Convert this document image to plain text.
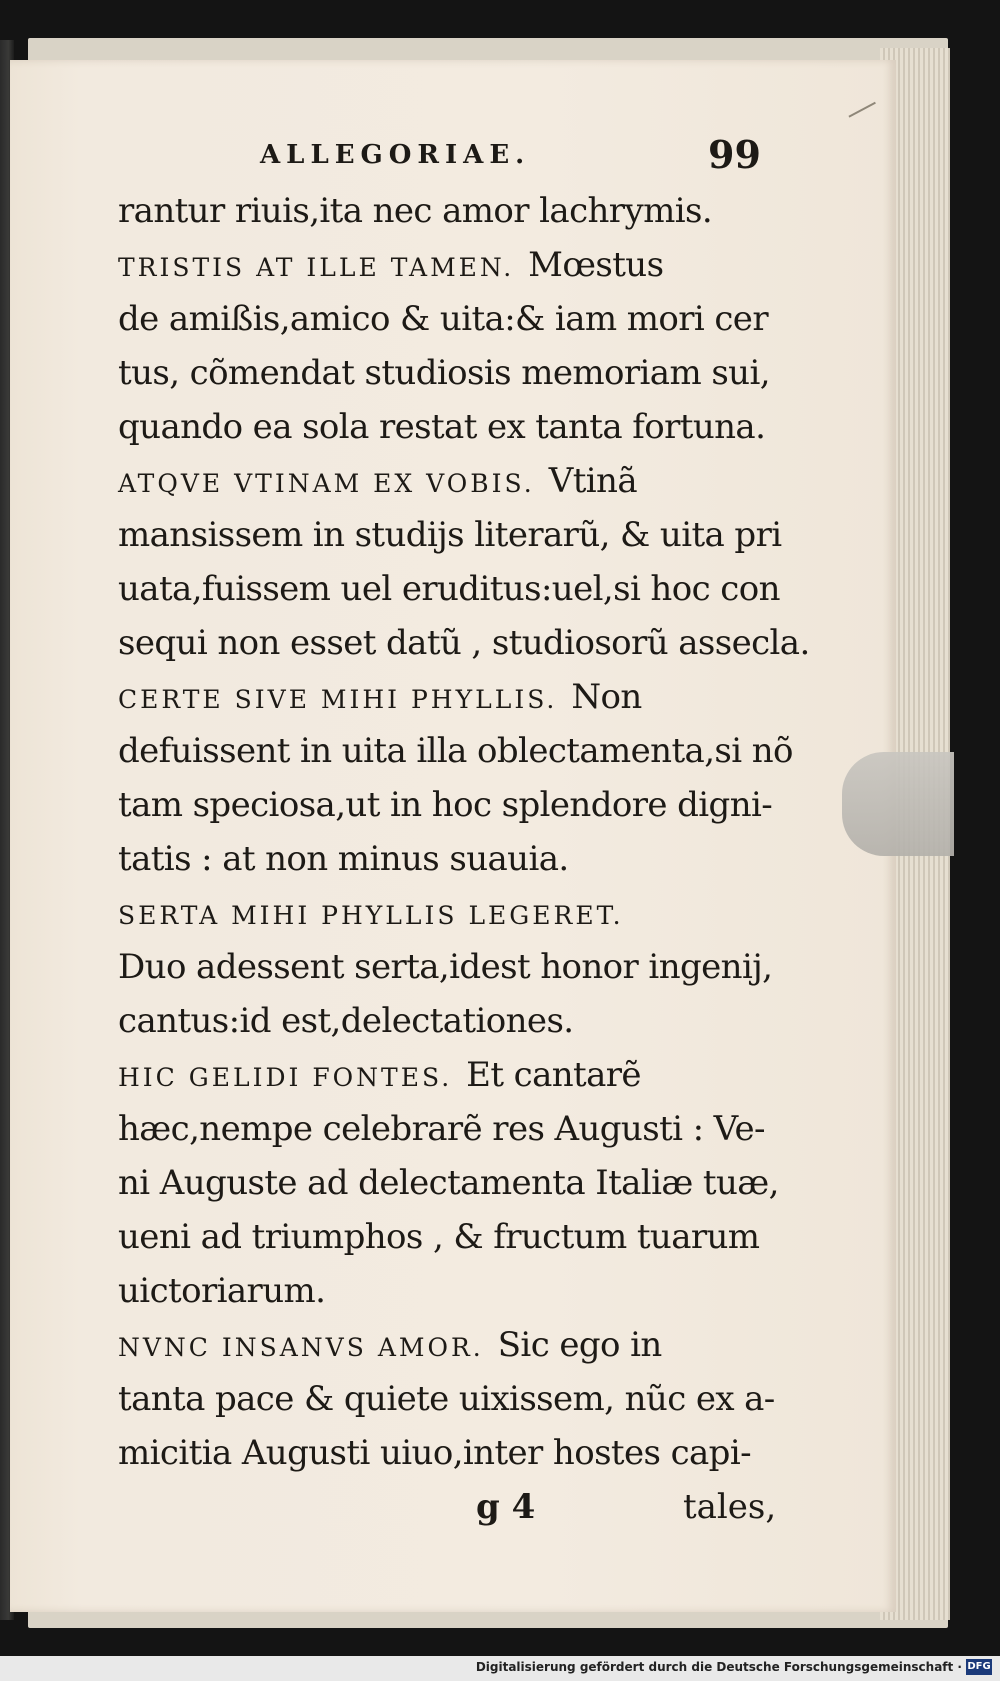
ALLEGORIAE.	99
rantur riuis,ita nec amor lachrymis.
TRISTIS AT ILLE TAMEN. Mœstus
de amißis,amico & uita:& iam mori cer
tus, cõmendat studiosis memoriam sui,
quando ea sola restat ex tanta fortuna.
ATQVE VTINAM EX VOBIS. Vtinã
mansissem in studijs literarũ, & uita pri
uata,fuissem uel eruditus:uel,si hoc con
sequi non esset datũ , studiosorũ assecla.
CERTE SIVE MIHI PHYLLIS. Non
defuissent in uita illa oblectamenta,si nõ
tam speciosa,ut in hoc splendore digni-
tatis : at non minus suauia.
SERTA MIHI PHYLLIS LEGERET.
Duo adessent serta,idest honor ingenij,
cantus:id est,delectationes.
HIC GELIDI FONTES. Et cantarẽ
hæc,nempe celebrarẽ res Augusti : Ve-
ni Auguste ad delectamenta Italiæ tuæ,
ueni ad triumphos , & fructum tuarum
uictoriarum.
NVNC INSANVS AMOR. Sic ego in
tanta pace & quiete uixissem, nũc ex a-
micitia Augusti uiuo,inter hostes capi-
g 4	tales,
Digitalisierung gefördert durch die Deutsche Forschungsgemeinschaft · DFG
